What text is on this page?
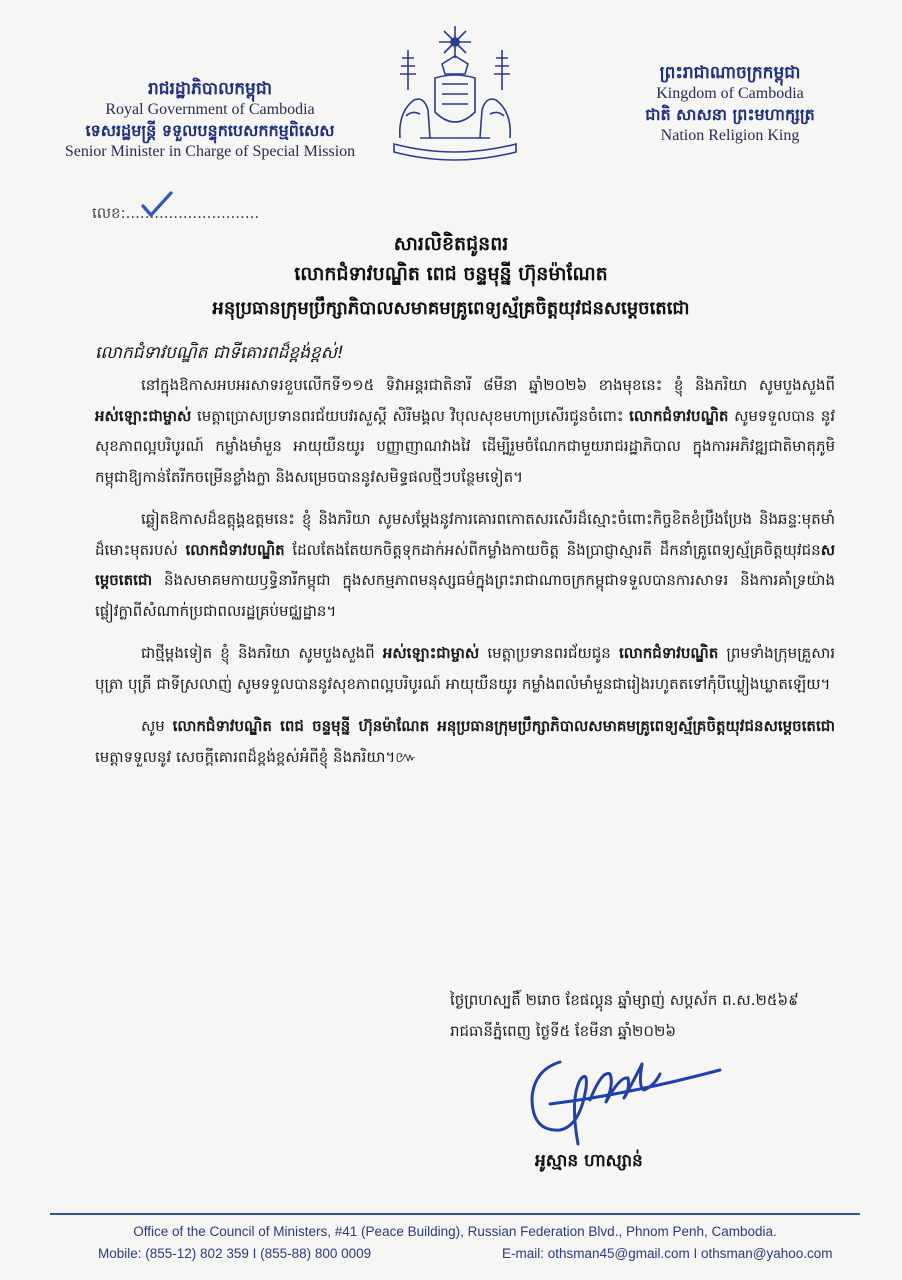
រាជរដ្ឋាភិបាលកម្ពុជា
Royal Government of Cambodia
ទេសរដ្ឋមន្ត្រី ទទួលបន្ទុកបេសកកម្មពិសេស
Senior Minister in Charge of Special Mission
ព្រះរាជាណាចក្រកម្ពុជា
Kingdom of Cambodia
ជាតិ សាសនា ព្រះមហាក្សត្រ
Nation Religion King
លេខ:............................
សារលិខិតជូនពរ
លោកជំទាវបណ្ឌិត ពេជ ចន្ទមុន្នី ហ៊ុនម៉ាណែត
អនុប្រធានក្រុមប្រឹក្សាភិបាលសមាគមគ្រូពេទ្យស្ម័គ្រចិត្តយុវជនសម្តេចតេជោ
លោកជំទាវបណ្ឌិត ជាទីគោរពដ៏ខ្ពង់ខ្ពស់!

នៅក្នុងឱកាសអបអរសាទរខួបលើកទី១១៥ ទិវាអន្តរជាតិនារី ៨មីនា ឆ្នាំ២០២៦ ខាងមុខនេះ ខ្ញុំ និងភរិយា សូមបួងសួងពី អស់ឡោះជាម្ចាស់ មេត្តាប្រោសប្រទានពរជ័យបវរសួស្តី សិរីមង្គល វិបុលសុខមហាប្រសើរជូនចំពោះ លោកជំទាវបណ្ឌិត សូមទទួលបាន នូវសុខភាពល្អបរិបូរណ៍ កម្លាំងមាំមួន អាយុយឺនយូរ បញ្ញាញាណវាងវៃ ដើម្បីរួមចំណែកជាមួយរាជរដ្ឋាភិបាល ក្នុងការអភិវឌ្ឍជាតិមាតុភូមិកម្ពុជាឱ្យកាន់តែរីកចម្រើនខ្លាំងក្លា និងសម្រេចបាននូវសមិទ្ធផលថ្មីៗបន្ថែមទៀត។

ឆ្លៀតឱកាសដ៏ឧត្តុង្គឧត្តមនេះ ខ្ញុំ និងភរិយា សូមសម្តែងនូវការគោរពកោតសរសើរដ៏ស្មោះចំពោះកិច្ចខិតខំប្រឹងប្រែង និងឆន្ទៈមុតមាំដ៏មោះមុតរបស់ លោកជំទាវបណ្ឌិត ដែលតែងតែយកចិត្តទុកដាក់អស់ពីកម្លាំងកាយចិត្ត និងប្រាជ្ញាស្មារតី ដឹកនាំគ្រូពេទ្យស្ម័គ្រចិត្តយុវជនសម្តេចតេជោ និងសមាគមកាយឫទ្ធិនារីកម្ពុជា ក្នុងសកម្មភាពមនុស្សធម៌ក្នុងព្រះរាជាណាចក្រកម្ពុជាទទួលបានការសាទរ និងការគាំទ្រយ៉ាងផ្លៀវក្លាពីសំណាក់ប្រជាពលរដ្ឋគ្រប់មជ្ឈដ្ឋាន។

ជាថ្មីម្តងទៀត ខ្ញុំ និងភរិយា សូមបួងសួងពី អស់ឡោះជាម្ចាស់ មេត្តាប្រទានពរជ័យជូន លោកជំទាវបណ្ឌិត ព្រមទាំងក្រុមគ្រួសារ បុត្រា បុត្រី ជាទីស្រលាញ់ សូមទទួលបាននូវសុខភាពល្អបរិបូរណ៍ អាយុយឺនយូរ កម្លាំងពលំមាំមួនជារៀងរហូតតទៅកុំបីឃ្លៀងឃ្លាតឡើយ។

សូម លោកជំទាវបណ្ឌិត ពេជ ចន្ទមុន្នី ហ៊ុនម៉ាណែត អនុប្រធានក្រុមប្រឹក្សាភិបាលសមាគមគ្រូពេទ្យស្ម័គ្រចិត្តយុវជនសម្តេចតេជោ មេត្តាទទួលនូវ សេចក្តីគោរពដ៏ខ្ពង់ខ្ពស់អំពីខ្ញុំ និងភរិយា។៚

ថ្ងៃព្រហស្បតិ៍ ២រោច ខែផល្គុន ឆ្នាំម្សាញ់ សប្តស័ក ព.ស.២៥៦៩
រាជធានីភ្នំពេញ ថ្ងៃទី៥ ខែមីនា ឆ្នាំ២០២៦
អូស្មាន ហាស្សាន់
Office of the Council of Ministers, #41 (Peace Building), Russian Federation Blvd., Phnom Penh, Cambodia.
Mobile: (855-12) 802 359 I (855-88) 800 0009	E-mail: othsman45@gmail.com I othsman@yahoo.com
